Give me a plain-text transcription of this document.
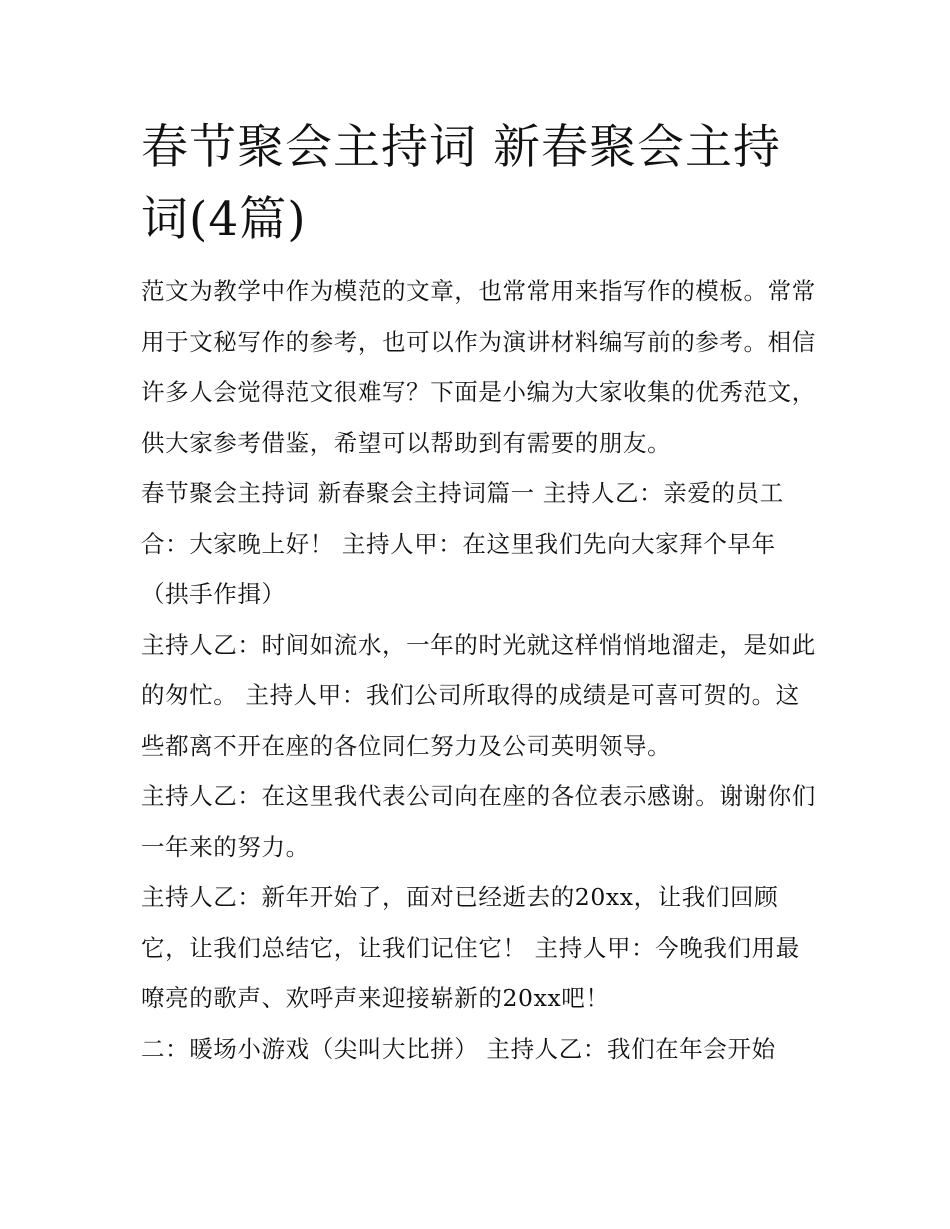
春节聚会主持词 新春聚会主持词(4篇)

范文为教学中作为模范的文章，也常常用来指写作的模板。常常用于文秘写作的参考，也可以作为演讲材料编写前的参考。相信许多人会觉得范文很难写？下面是小编为大家收集的优秀范文，供大家参考借鉴，希望可以帮助到有需要的朋友。

春节聚会主持词 新春聚会主持词篇一 主持人乙：亲爱的员工合：大家晚上好！ 主持人甲：在这里我们先向大家拜个早年（拱手作揖）

主持人乙：时间如流水，一年的时光就这样悄悄地溜走，是如此的匆忙。 主持人甲：我们公司所取得的成绩是可喜可贺的。这些都离不开在座的各位同仁努力及公司英明领导。

主持人乙：在这里我代表公司向在座的各位表示感谢。谢谢你们一年来的努力。

主持人乙：新年开始了，面对已经逝去的20xx，让我们回顾它，让我们总结它，让我们记住它！ 主持人甲：今晚我们用最嘹亮的歌声、欢呼声来迎接崭新的20xx吧！

二：暖场小游戏（尖叫大比拼） 主持人乙：我们在年会开始
